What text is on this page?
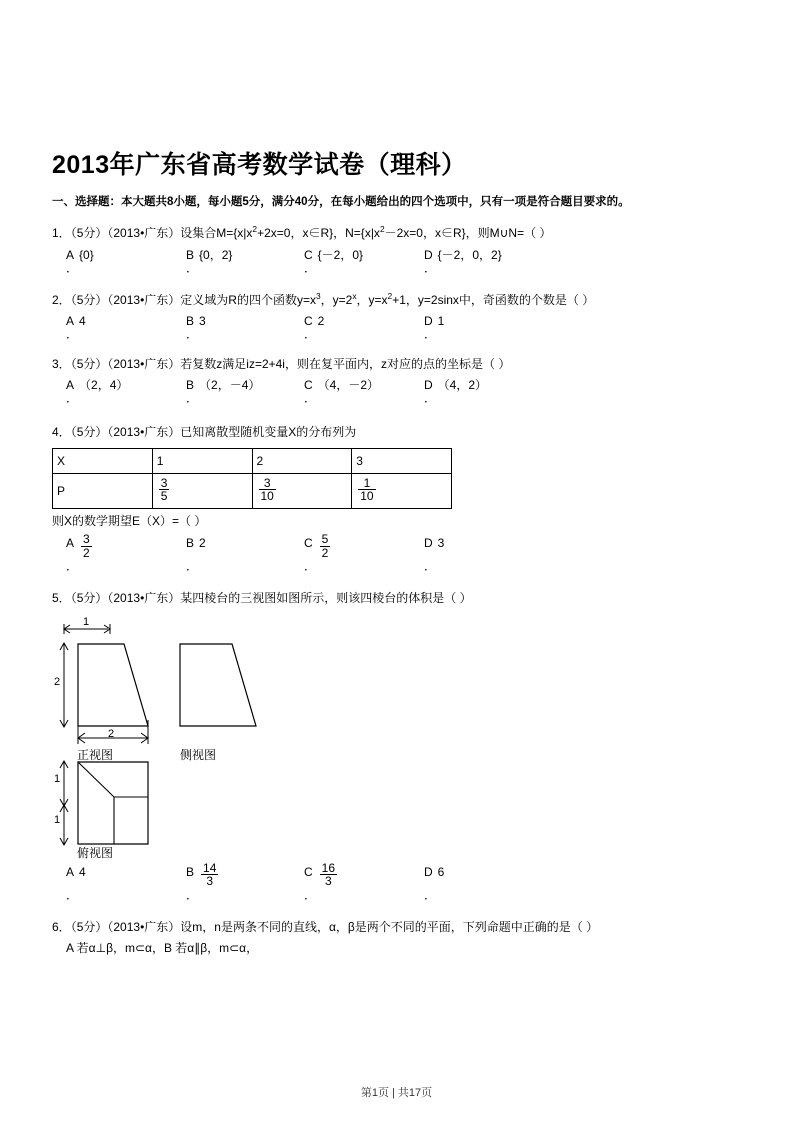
2013年广东省高考数学试卷（理科）
一、选择题：本大题共8小题，每小题5分，满分40分，在每小题给出的四个选项中，只有一项是符合题目要求的。
1．（5分）（2013•广东）设集合$M=\{x|x^2+2x=0$，x∈R}，$N=\{x|x^2-2x=0$，x∈R}，则M∪N=（ ）
A {0}	B {0，2}	C {－2，0}	D {－2，0，2}
．	．	．	．
2．（5分）（2013•广东）定义域为R的四个函数$y=x^3$，$y=2^x$，$y=x^2+1$，y=2sinx中，奇函数的个数是（ ）
A 4	B 3	C 2	D 1
．	．	．	．
3．（5分）（2013•广东）若复数z满足iz=2+4i，则在复平面内，z对应的点的坐标是（ ）
A （2，4）	B （2，－4）	C （4，－2）	D （4，2）
．	．	．	．
4．（5分）（2013•广东）已知离散型随机变量X的分布列为
X	1	2	3
P	$\frac{3}{5}$	$\frac{3}{10}$	$\frac{1}{10}$
则X的数学期望E（X）=（ ）
A $\frac{3}{2}$	B 2	C $\frac{5}{2}$	D 3
．	．	．	．
5．（5分）（2013•广东）某四棱台的三视图如图所示，则该四棱台的体积是（ ）
1
2
2
1
1
正视图	侧视图
俯视图
A 4	B $\frac{14}{3}$	C $\frac{16}{3}$	D 6
．	．	．	．
6．（5分）（2013•广东）设m，n是两条不同的直线，α，β是两个不同的平面，下列命题中正确的是（ ）
A 若α⊥β，m⊂α，B 若α∥β，m⊂α，
第1页 | 共17页
